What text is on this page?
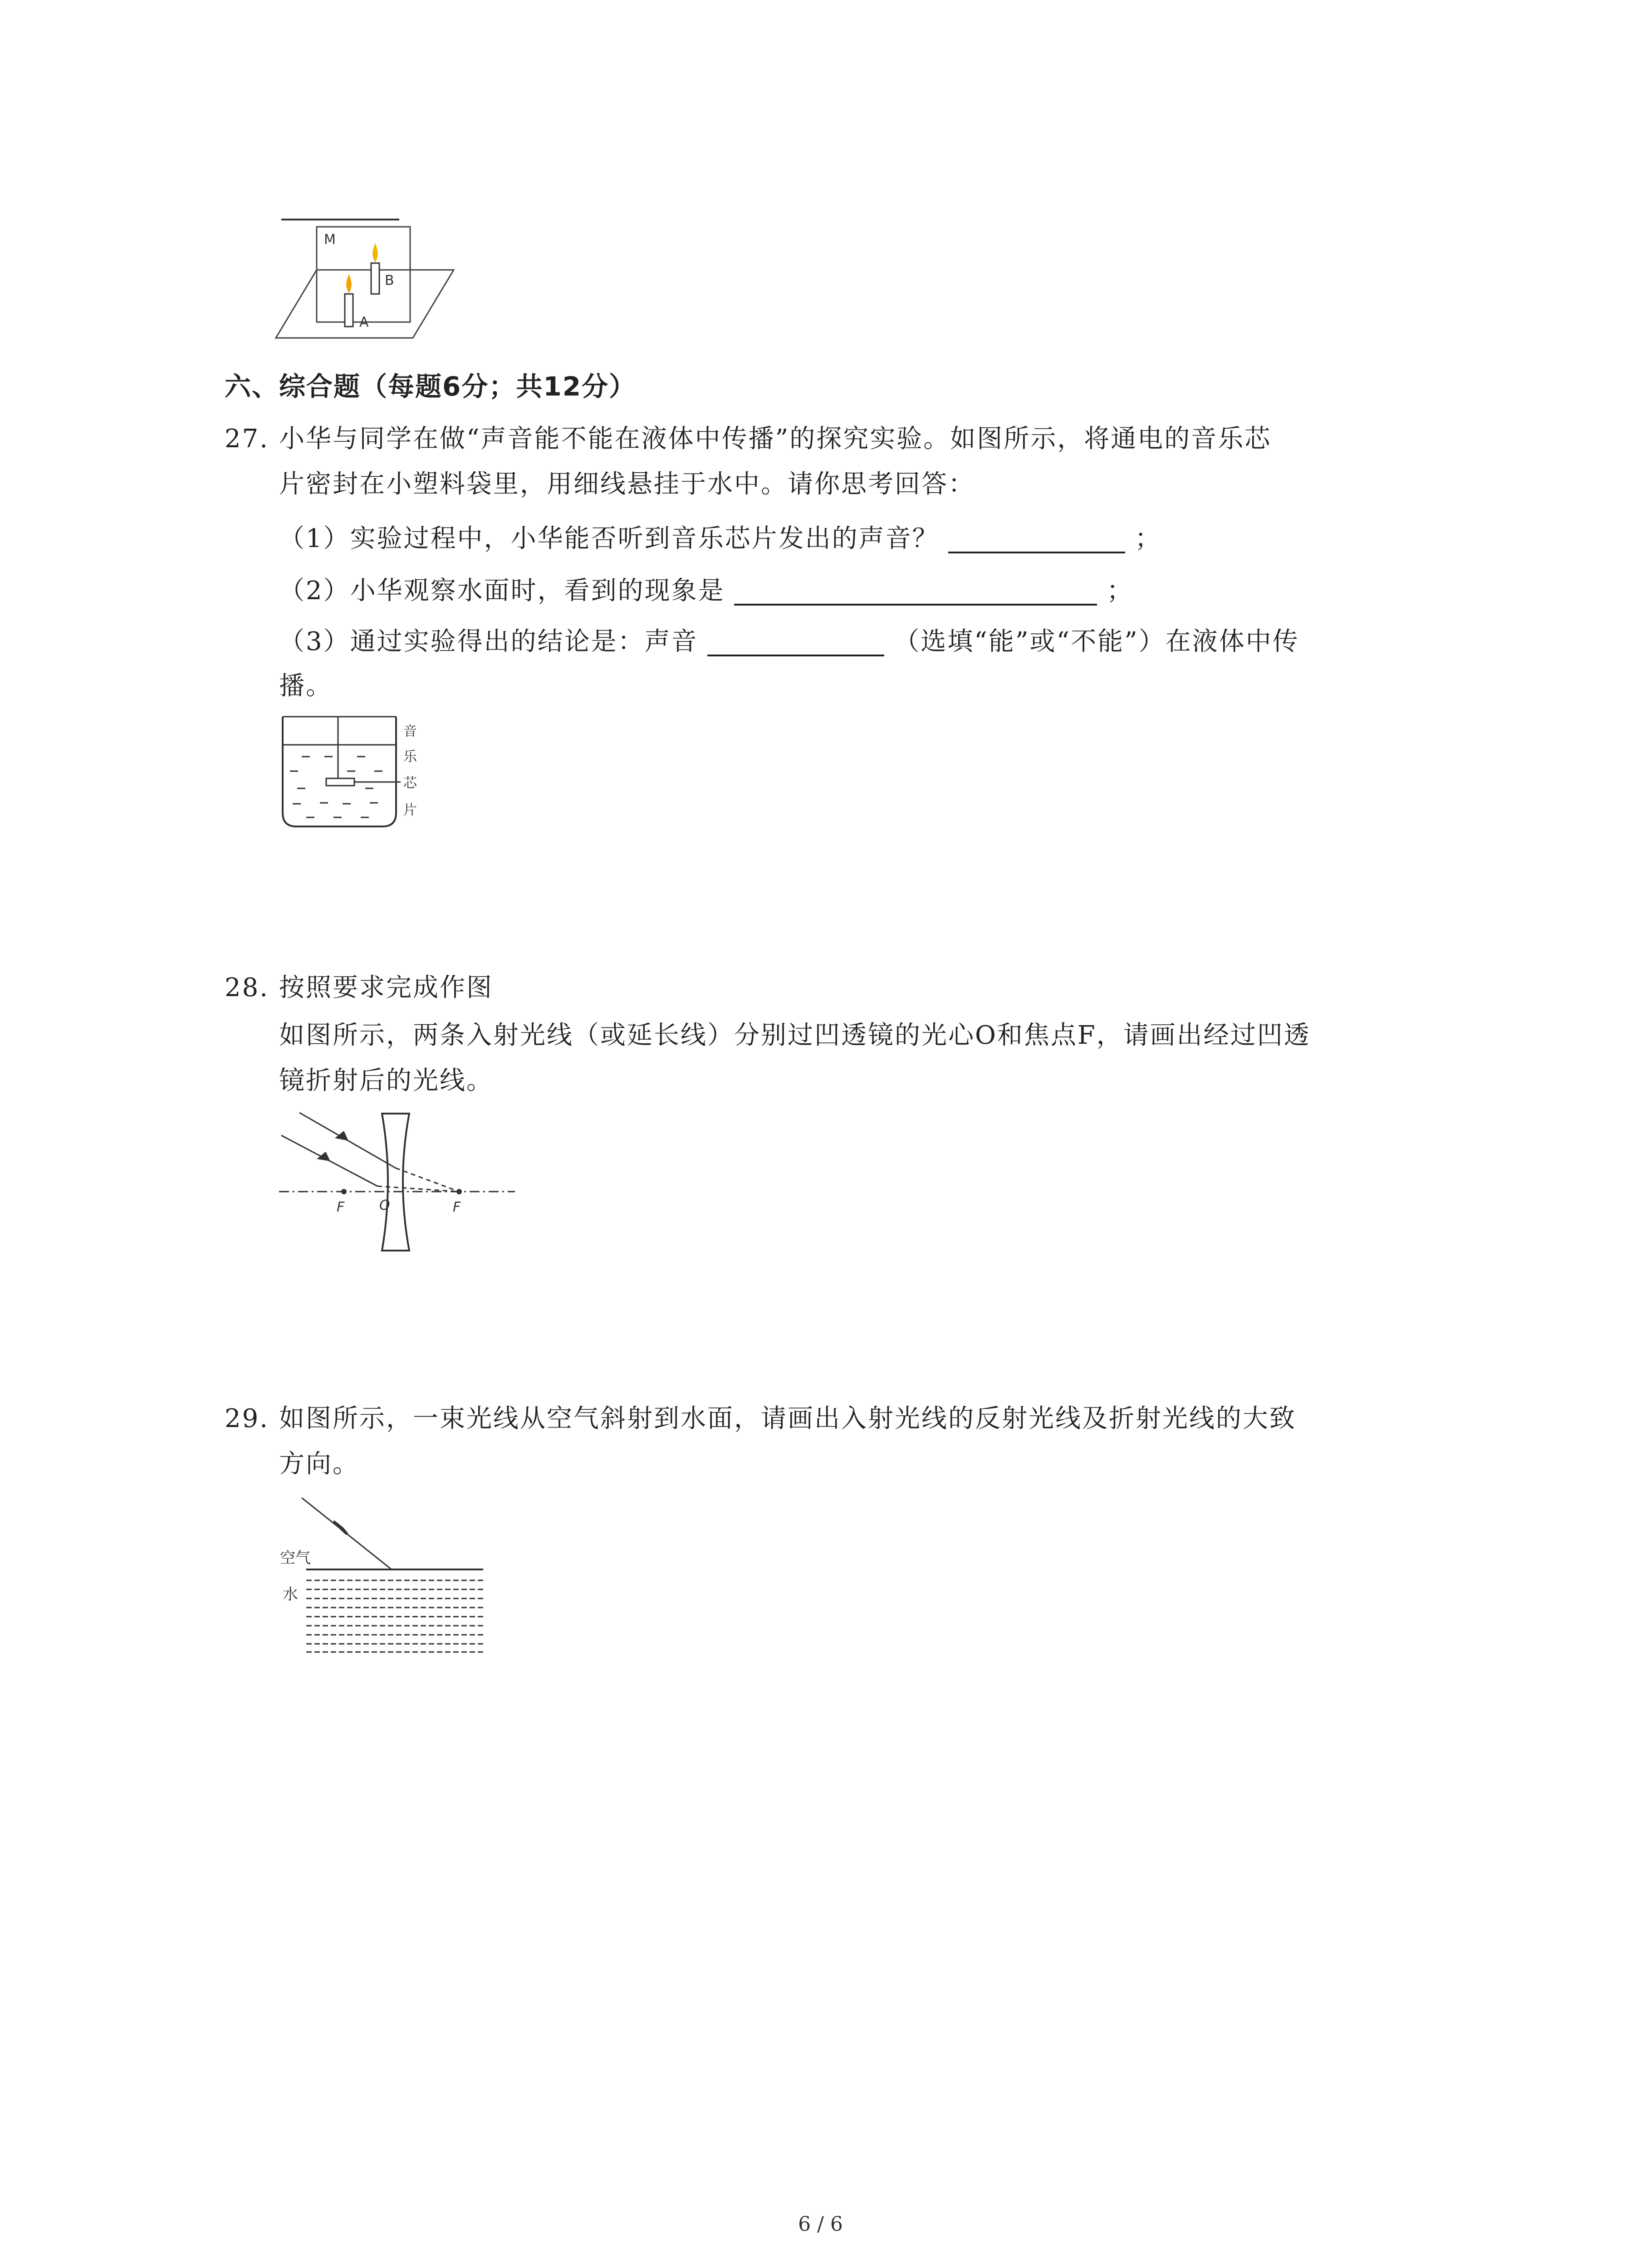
M
B
A
六、综合题（每题6分；共12分）
27. 小华与同学在做“声音能不能在液体中传播”的探究实验。如图所示，将通电的音乐芯
片密封在小塑料袋里，用细线悬挂于水中。请你思考回答：
（1）实验过程中，小华能否听到音乐芯片发出的声音？	；
（2）小华观察水面时，看到的现象是	；
（3）通过实验得出的结论是：声音	（选填“能”或“不能”）在液体中传
播。
音
乐
芯
片
28. 按照要求完成作图
如图所示，两条入射光线（或延长线）分别过凹透镜的光心O和焦点F，请画出经过凹透
镜折射后的光线。
F	O	F
29. 如图所示，一束光线从空气斜射到水面，请画出入射光线的反射光线及折射光线的大致
方向。
空气
水
6 / 6
